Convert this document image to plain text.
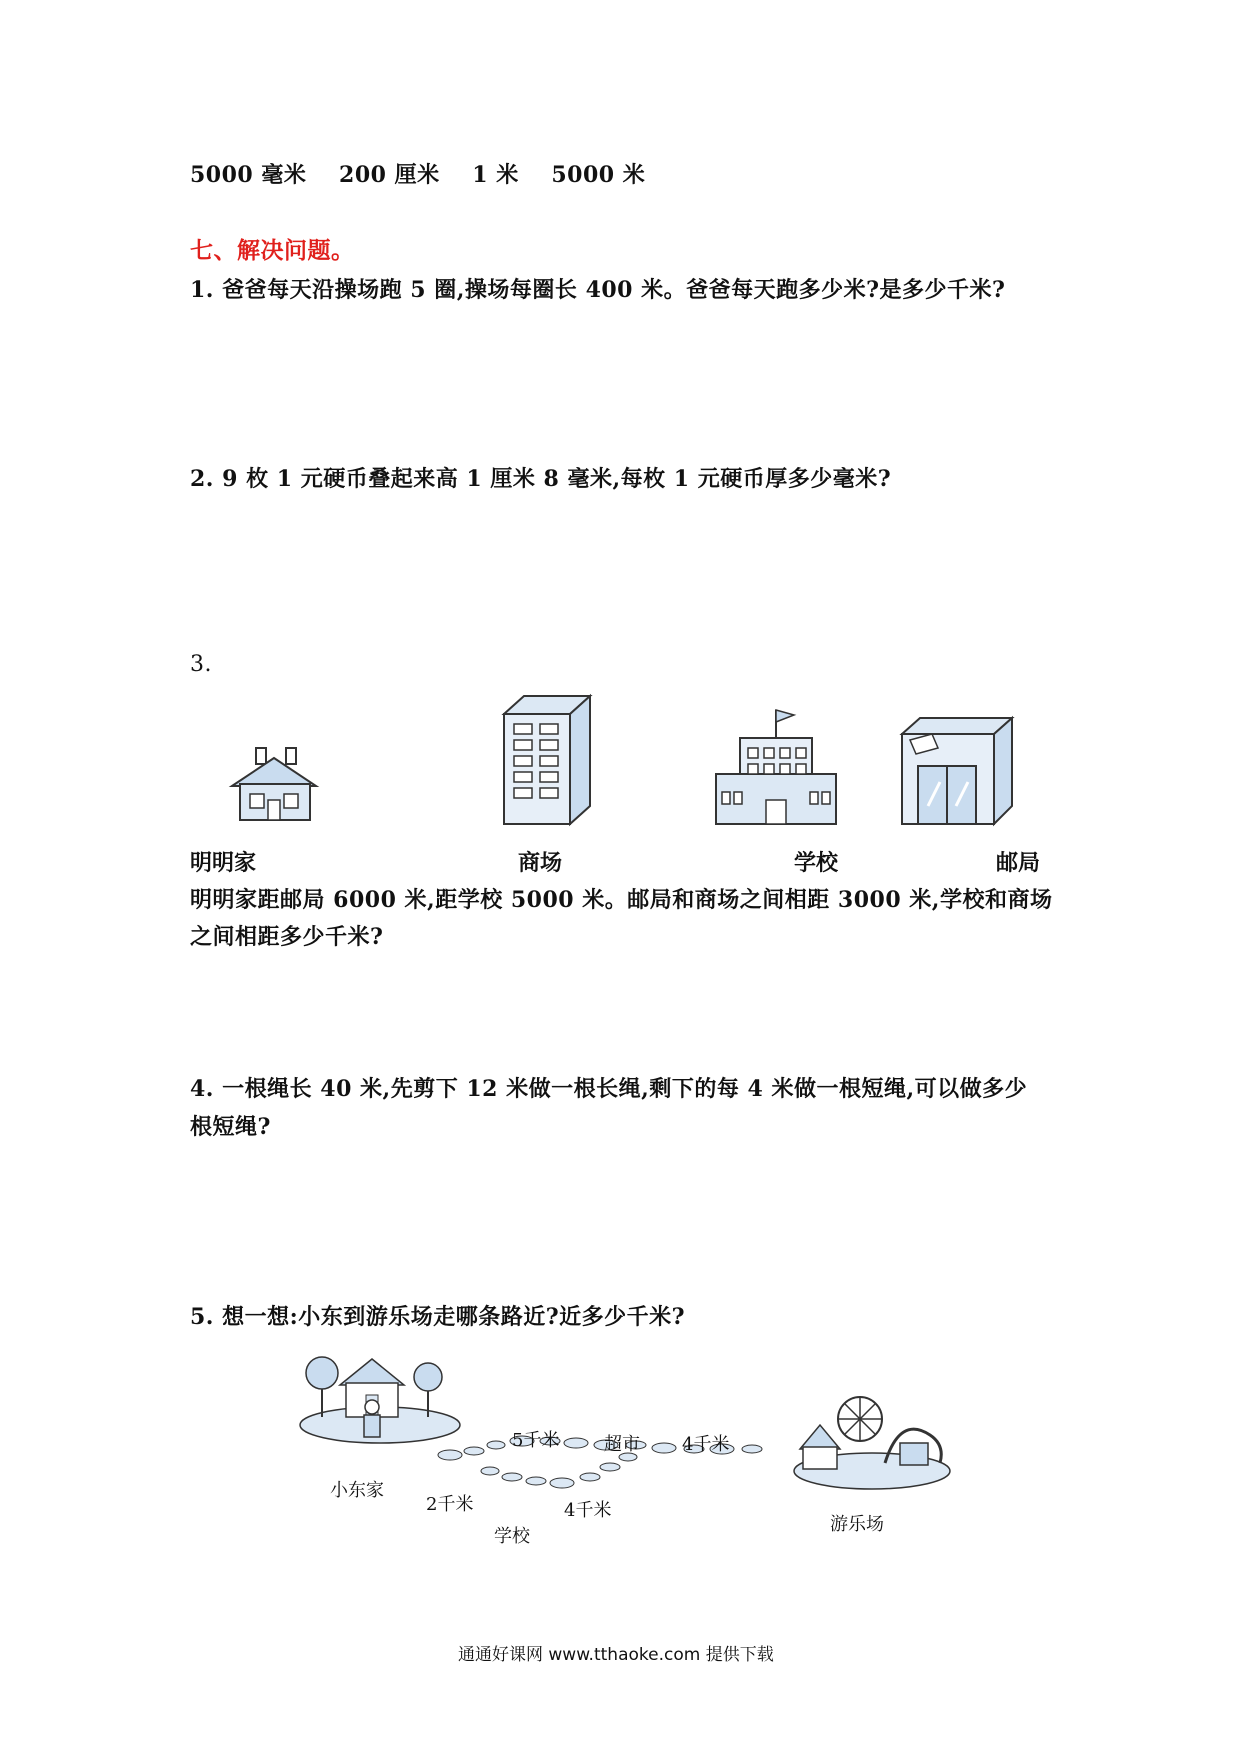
5000 毫米 200 厘米 1 米 5000 米
七、解决问题。
1. 爸爸每天沿操场跑 5 圈,操场每圈长 400 米。爸爸每天跑多少米?是多少千米?
2. 9 枚 1 元硬币叠起来高 1 厘米 8 毫米,每枚 1 元硬币厚多少毫米?
3.
明明家	商场	学校	邮局
明明家距邮局 6000 米,距学校 5000 米。邮局和商场之间相距 3000 米,学校和商场
之间相距多少千米?
4. 一根绳长 40 米,先剪下 12 米做一根长绳,剩下的每 4 米做一根短绳,可以做多少
根短绳?
5. 想一想:小东到游乐场走哪条路近?近多少千米?
小东家
5千米 超市 4千米
2千米	4千米
学校
游乐场
通通好课网 www.tthaoke.com 提供下载
